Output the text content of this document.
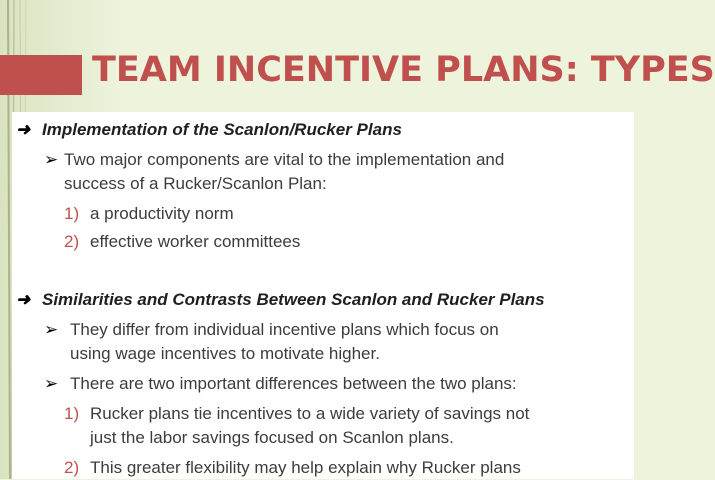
TEAM INCENTIVE PLANS: TYPES
➜ Implementation of the Scanlon/Rucker Plans
➢ Two major components are vital to the implementation and
success of a Rucker/Scanlon Plan:
1) a productivity norm
2) effective worker committees
➜ Similarities and Contrasts Between Scanlon and Rucker Plans
➢ They differ from individual incentive plans which focus on
using wage incentives to motivate higher.
➢ There are two important differences between the two plans:
1) Rucker plans tie incentives to a wide variety of savings not
just the labor savings focused on Scanlon plans.
2) This greater flexibility may help explain why Rucker plans
